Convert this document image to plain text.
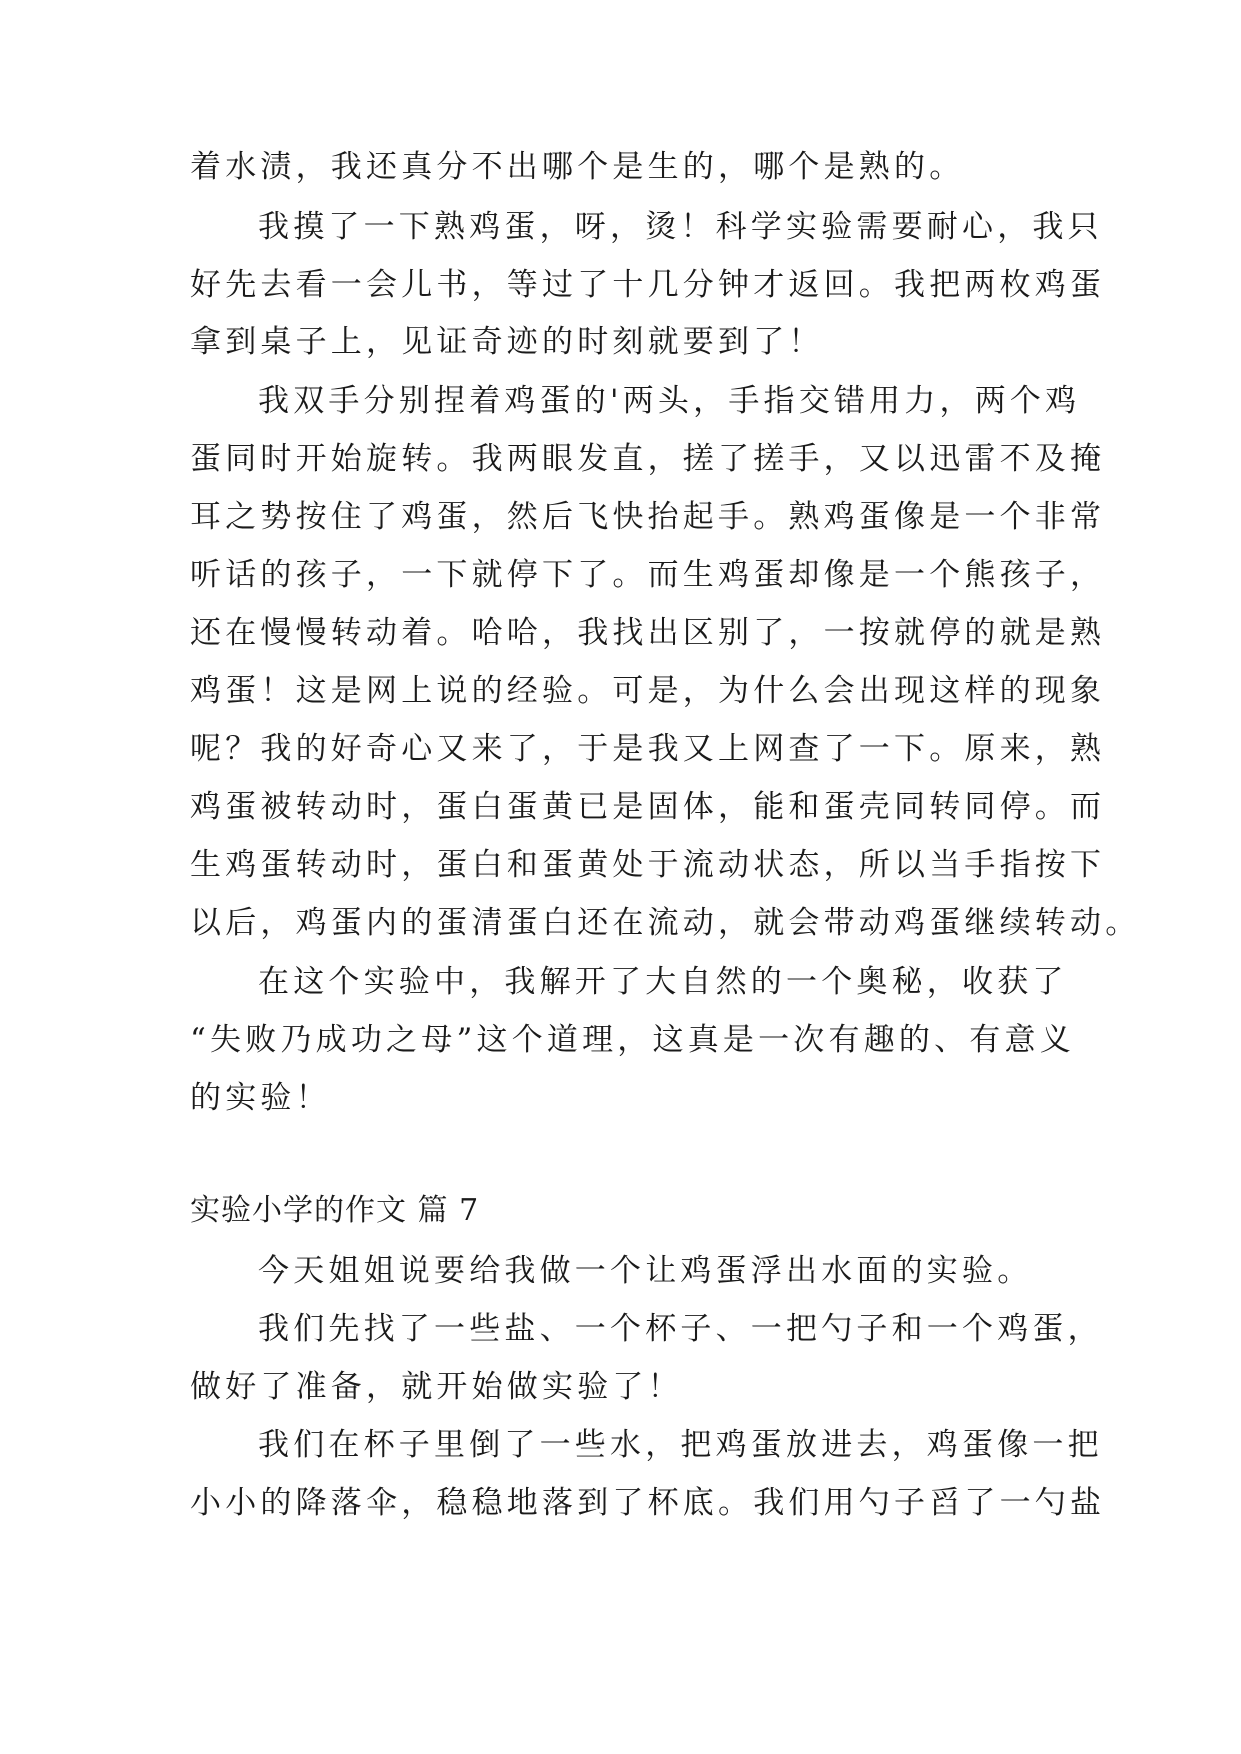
着水渍，我还真分不出哪个是生的，哪个是熟的。
我摸了一下熟鸡蛋，呀，烫！科学实验需要耐心，我只
好先去看一会儿书，等过了十几分钟才返回。我把两枚鸡蛋
拿到桌子上，见证奇迹的时刻就要到了！
我双手分别捏着鸡蛋的'两头，手指交错用力，两个鸡
蛋同时开始旋转。我两眼发直，搓了搓手，又以迅雷不及掩
耳之势按住了鸡蛋，然后飞快抬起手。熟鸡蛋像是一个非常
听话的孩子，一下就停下了。而生鸡蛋却像是一个熊孩子，
还在慢慢转动着。哈哈，我找出区别了，一按就停的就是熟
鸡蛋！这是网上说的经验。可是，为什么会出现这样的现象
呢？我的好奇心又来了，于是我又上网查了一下。原来，熟
鸡蛋被转动时，蛋白蛋黄已是固体，能和蛋壳同转同停。而
生鸡蛋转动时，蛋白和蛋黄处于流动状态，所以当手指按下
以后，鸡蛋内的蛋清蛋白还在流动，就会带动鸡蛋继续转动。
在这个实验中，我解开了大自然的一个奥秘，收获了
“失败乃成功之母”这个道理，这真是一次有趣的、有意义
的实验！
实验小学的作文 篇 7
今天姐姐说要给我做一个让鸡蛋浮出水面的实验。
我们先找了一些盐、一个杯子、一把勺子和一个鸡蛋，
做好了准备，就开始做实验了！
我们在杯子里倒了一些水，把鸡蛋放进去，鸡蛋像一把
小小的降落伞，稳稳地落到了杯底。我们用勺子舀了一勺盐
